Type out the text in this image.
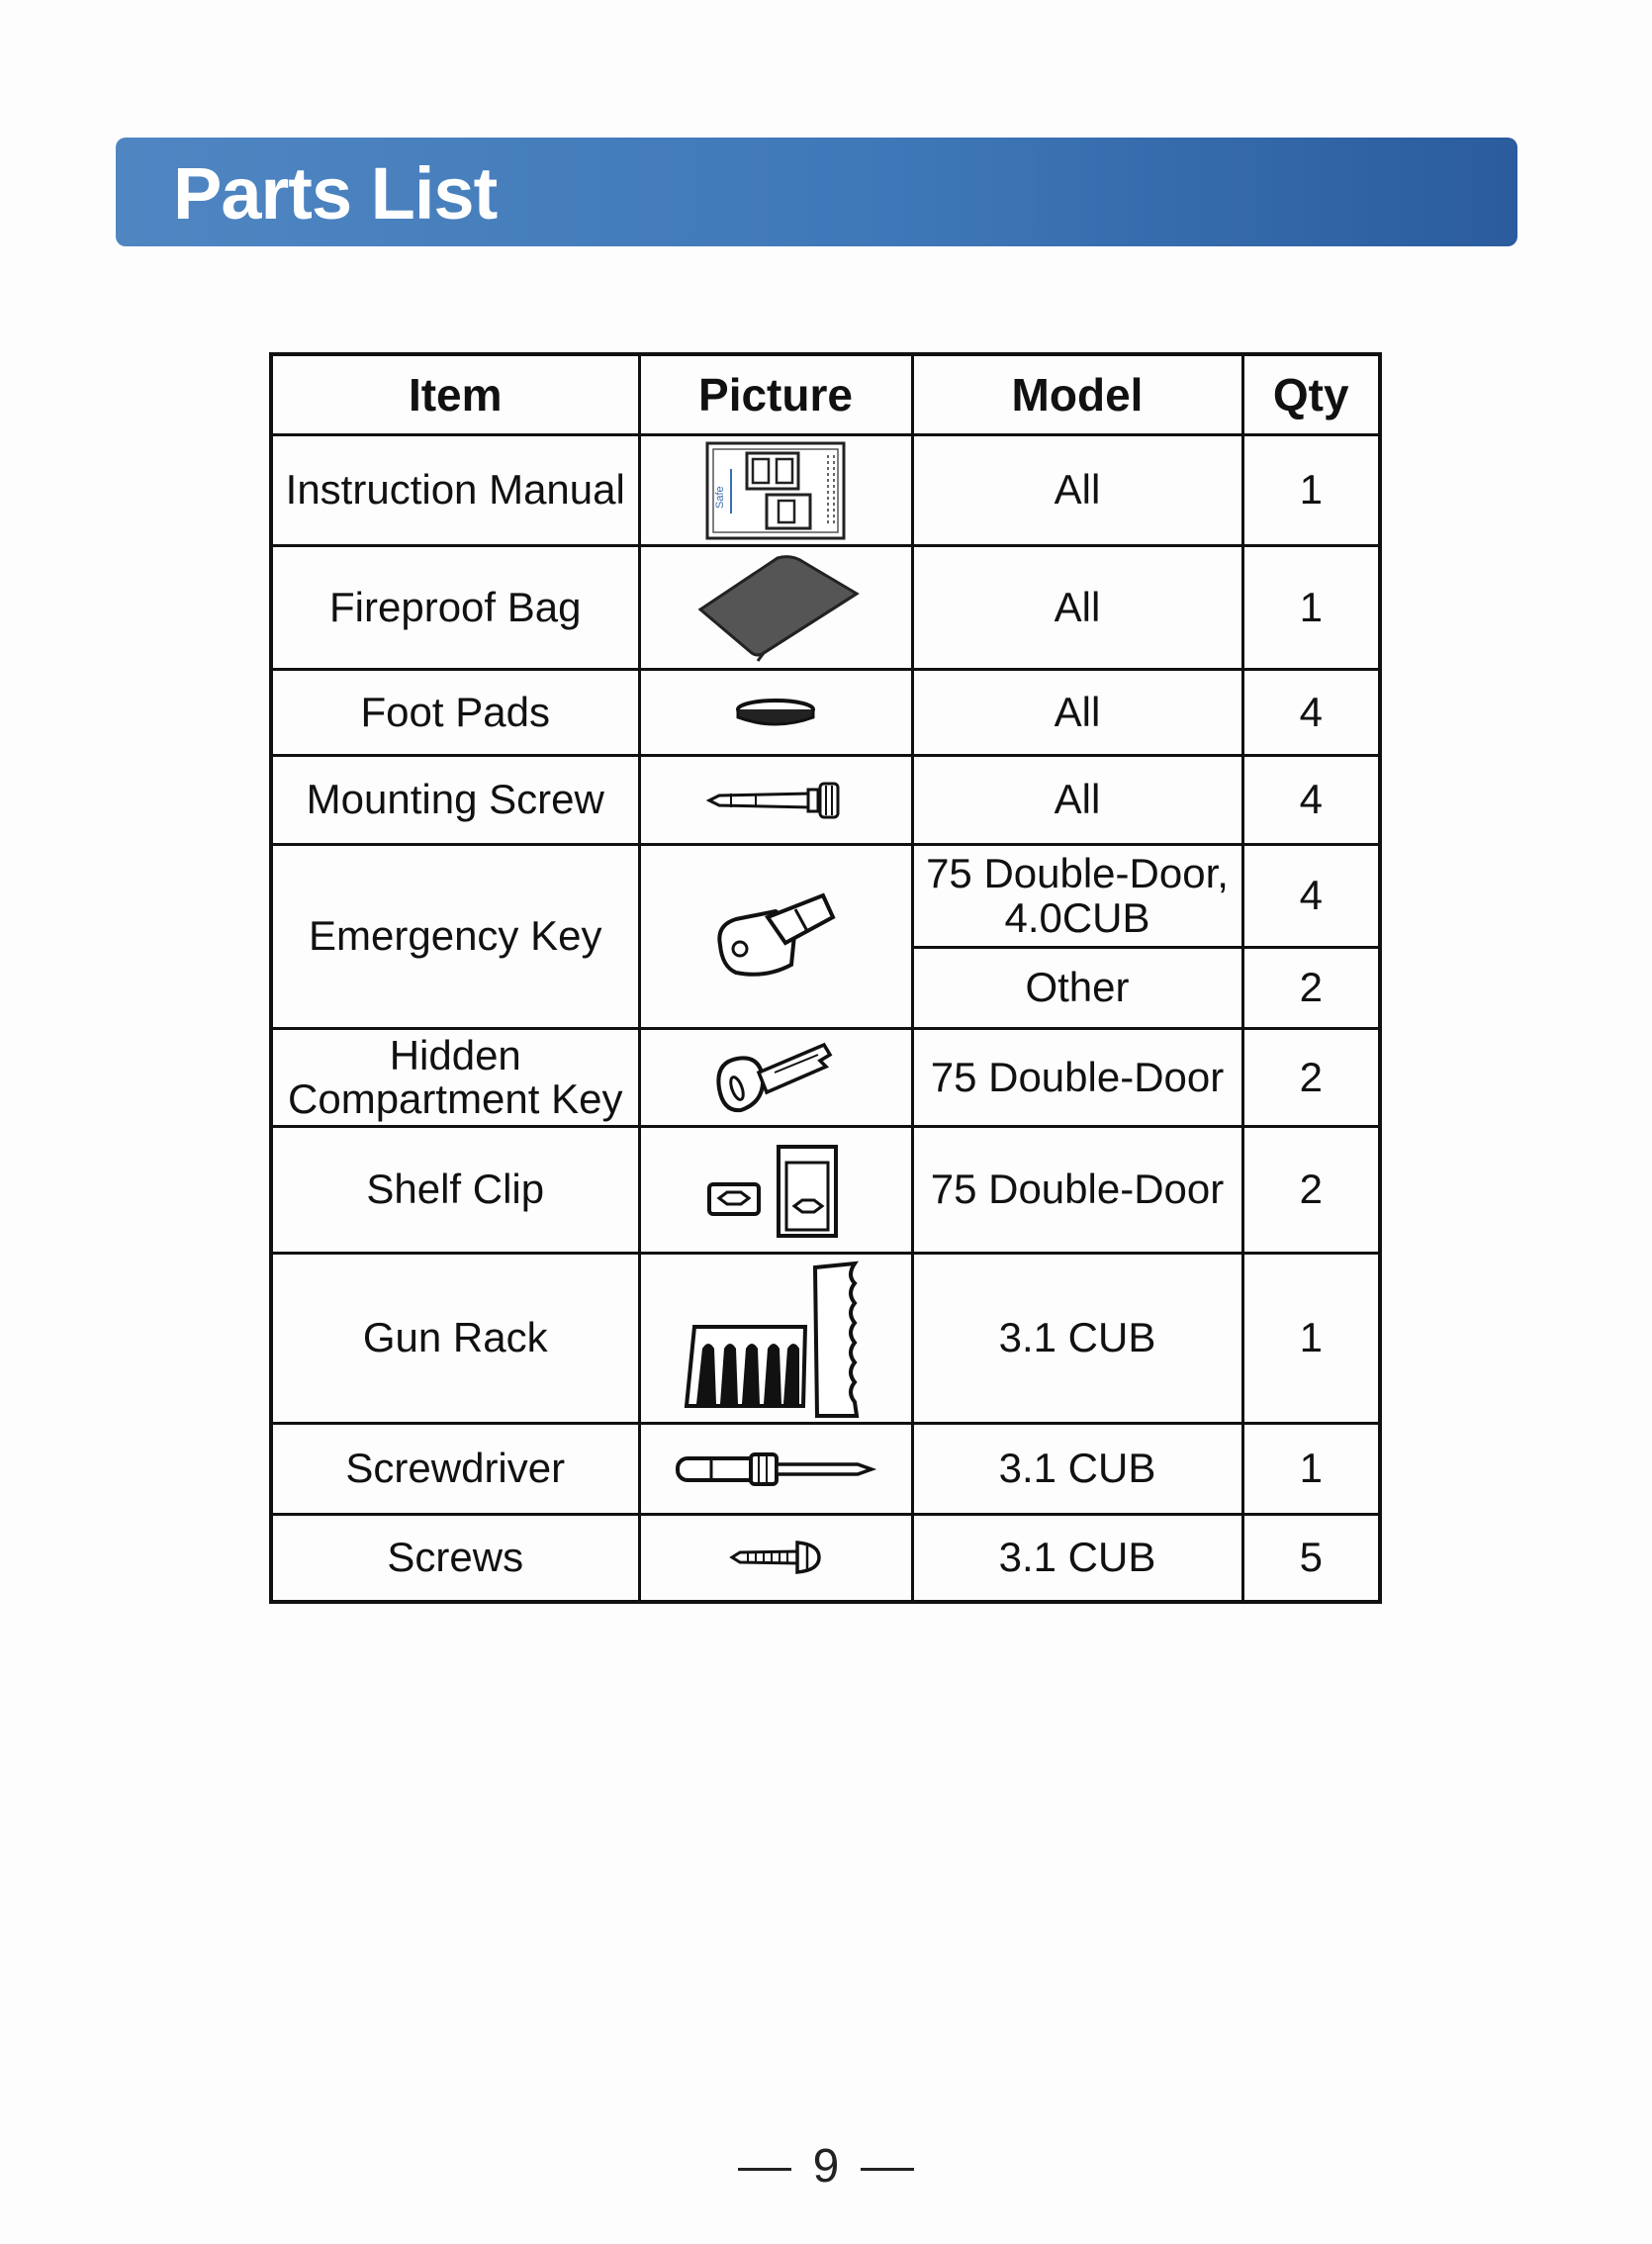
Parts List
Item	Picture	Model	Qty
Instruction Manual	Safe	All	1
Fireproof Bag		All	1
Foot Pads		All	4
Mounting Screw		All	4
Emergency Key		75 Double-Door, 4.0CUB	4
		Other	2
Hidden Compartment Key		75 Double-Door	2
Shelf Clip		75 Double-Door	2
Gun Rack		3.1 CUB	1
Screwdriver		3.1 CUB	1
Screws		3.1 CUB	5
9
